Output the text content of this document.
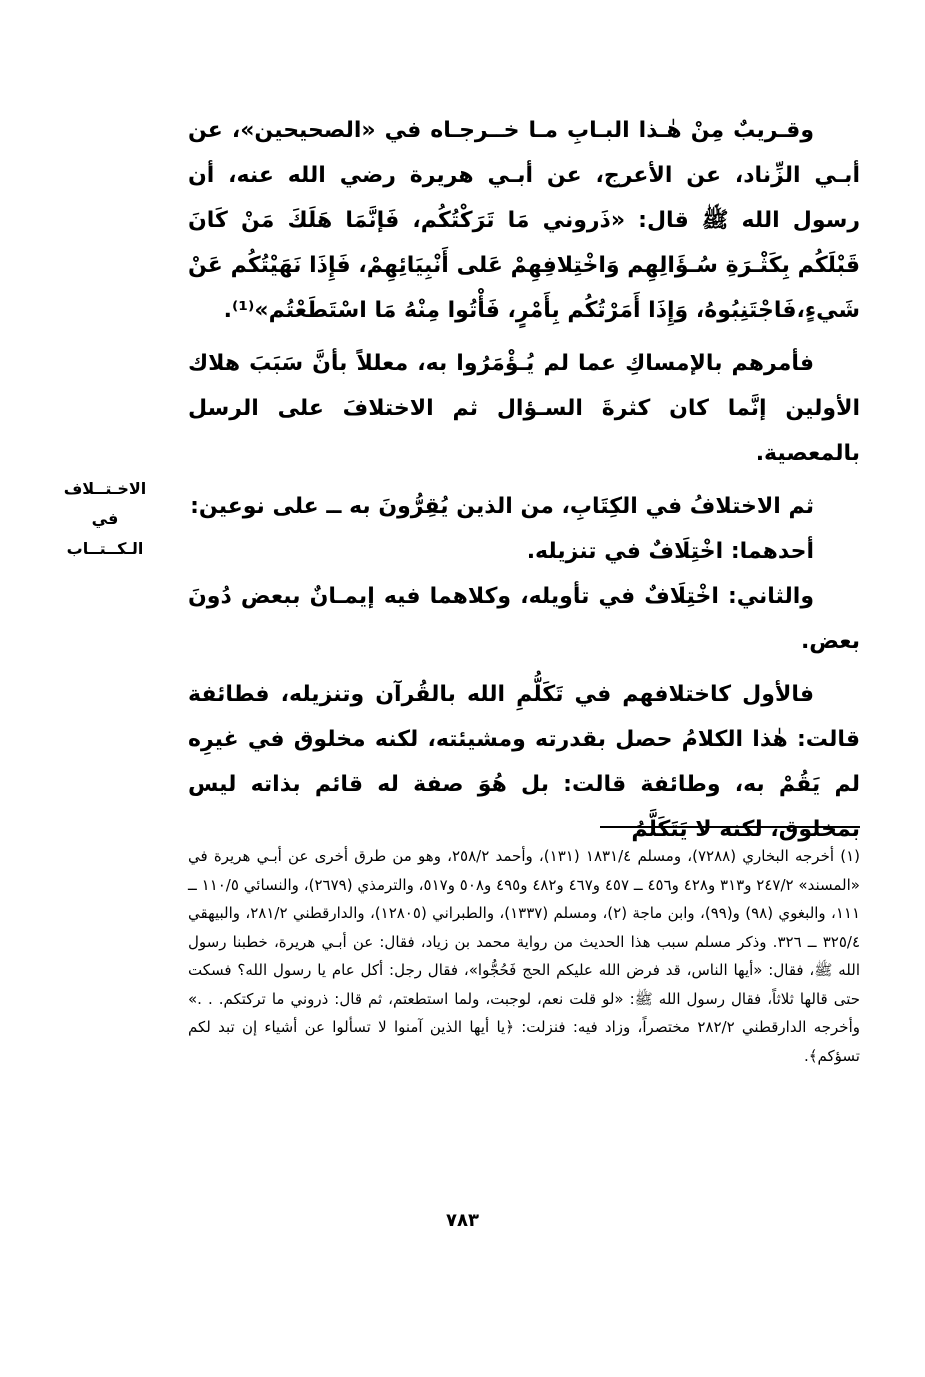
وقـريبٌ مِنْ هٰـذا البـابِ مـا خــرجـاه في «الصحيحين»، عن أبـي الزِّناد، عن الأعرج، عن أبـي هريرة رضي الله عنه، أن رسول الله ﷺ قال: «ذَروني مَا تَرَكْتُكُم، فَإنَّمَا هَلَكَ مَنْ كَانَ قَبْلَكُم بِكَثْـرَةِ سُـؤَالِهِم وَاخْتِلافِهِمْ عَلى أَنْبِيَائِهِمْ، فَإِذَا نَهَيْتُكُم عَنْ شَيءٍ،فَاجْتَنِبُوهُ، وَإِذَا أَمَرْتُكُم بِأَمْرٍ، فَأْتُوا مِنْهُ مَا اسْتَطَعْتُم»⁽¹⁾.

فأمرهم بالإمساكِ عما لم يُـؤْمَرُوا به، معللاً بأنَّ سَبَبَ هلاك الأولين إنَّما كان كثرةَ السـؤال ثم الاختلافَ على الرسل بالمعصية.

ثم الاختلافُ في الكِتَابِ، من الذين يُقِرُّونَ به ــ على نوعين:

أحدهما: اخْتِلَافٌ في تنزيله.

والثاني: اخْتِلَافٌ في تأويله، وكلاهما فيه إيمـانٌ ببعض دُونَ بعض.

فالأول كاختلافهم في تَكَلُّمِ الله بالقُرآن وتنزيله، فطائفة قالت: هٰذا الكلامُ حصل بقدرته ومشيئته، لكنه مخلوق في غيرِه لم يَقُمْ به، وطائفة قالت: بل هُوَ صفة له قائم بذاته ليس بمخلوق، لكنه لا يَتَكَلَّمُ

الاخـتــلاف في
الـكــتــاب

(١) أخرجه البخاري (٧٢٨٨)، ومسلم ١٨٣١/٤ (١٣١)، وأحمد ٢٥٨/٢، وهو من طرق أخرى عن أبـي هريرة في «المسند» ٢٤٧/٢ و٣١٣ و٤٢٨ و٤٥٦ ــ ٤٥٧ و٤٦٧ و٤٨٢ و٤٩٥ و٥٠٨ و٥١٧، والترمذي (٢٦٧٩)، والنسائي ١١٠/٥ ــ ١١١، والبغوي (٩٨) و(٩٩)، وابن ماجة (٢)، ومسلم (١٣٣٧)، والطبراني (١٢٨٠٥)، والدارقطني ٢٨١/٢، والبيهقي ٣٢٥/٤ ــ ٣٢٦. وذكر مسلم سبب هذا الحديث من رواية محمد بن زياد، فقال: عن أبـي هريرة، خطبنا رسول الله ﷺ، فقال: «أيها الناس، قد فرض الله عليكم الحج فَحُجُّوا»، فقال رجل: أكل عام يا رسول الله؟ فسكت حتى قالها ثلاثاً، فقال رسول الله ﷺ: «لو قلت نعم، لوجبت، ولما استطعتم، ثم قال: ذروني ما تركتكم. . .» وأخرجه الدارقطني ٢٨٢/٢ مختصراً، وزاد فيه: فنزلت: ﴿يا أيها الذين آمنوا لا تسألوا عن أشياء إن تبد لكم تسؤكم﴾.

٧٨٣
